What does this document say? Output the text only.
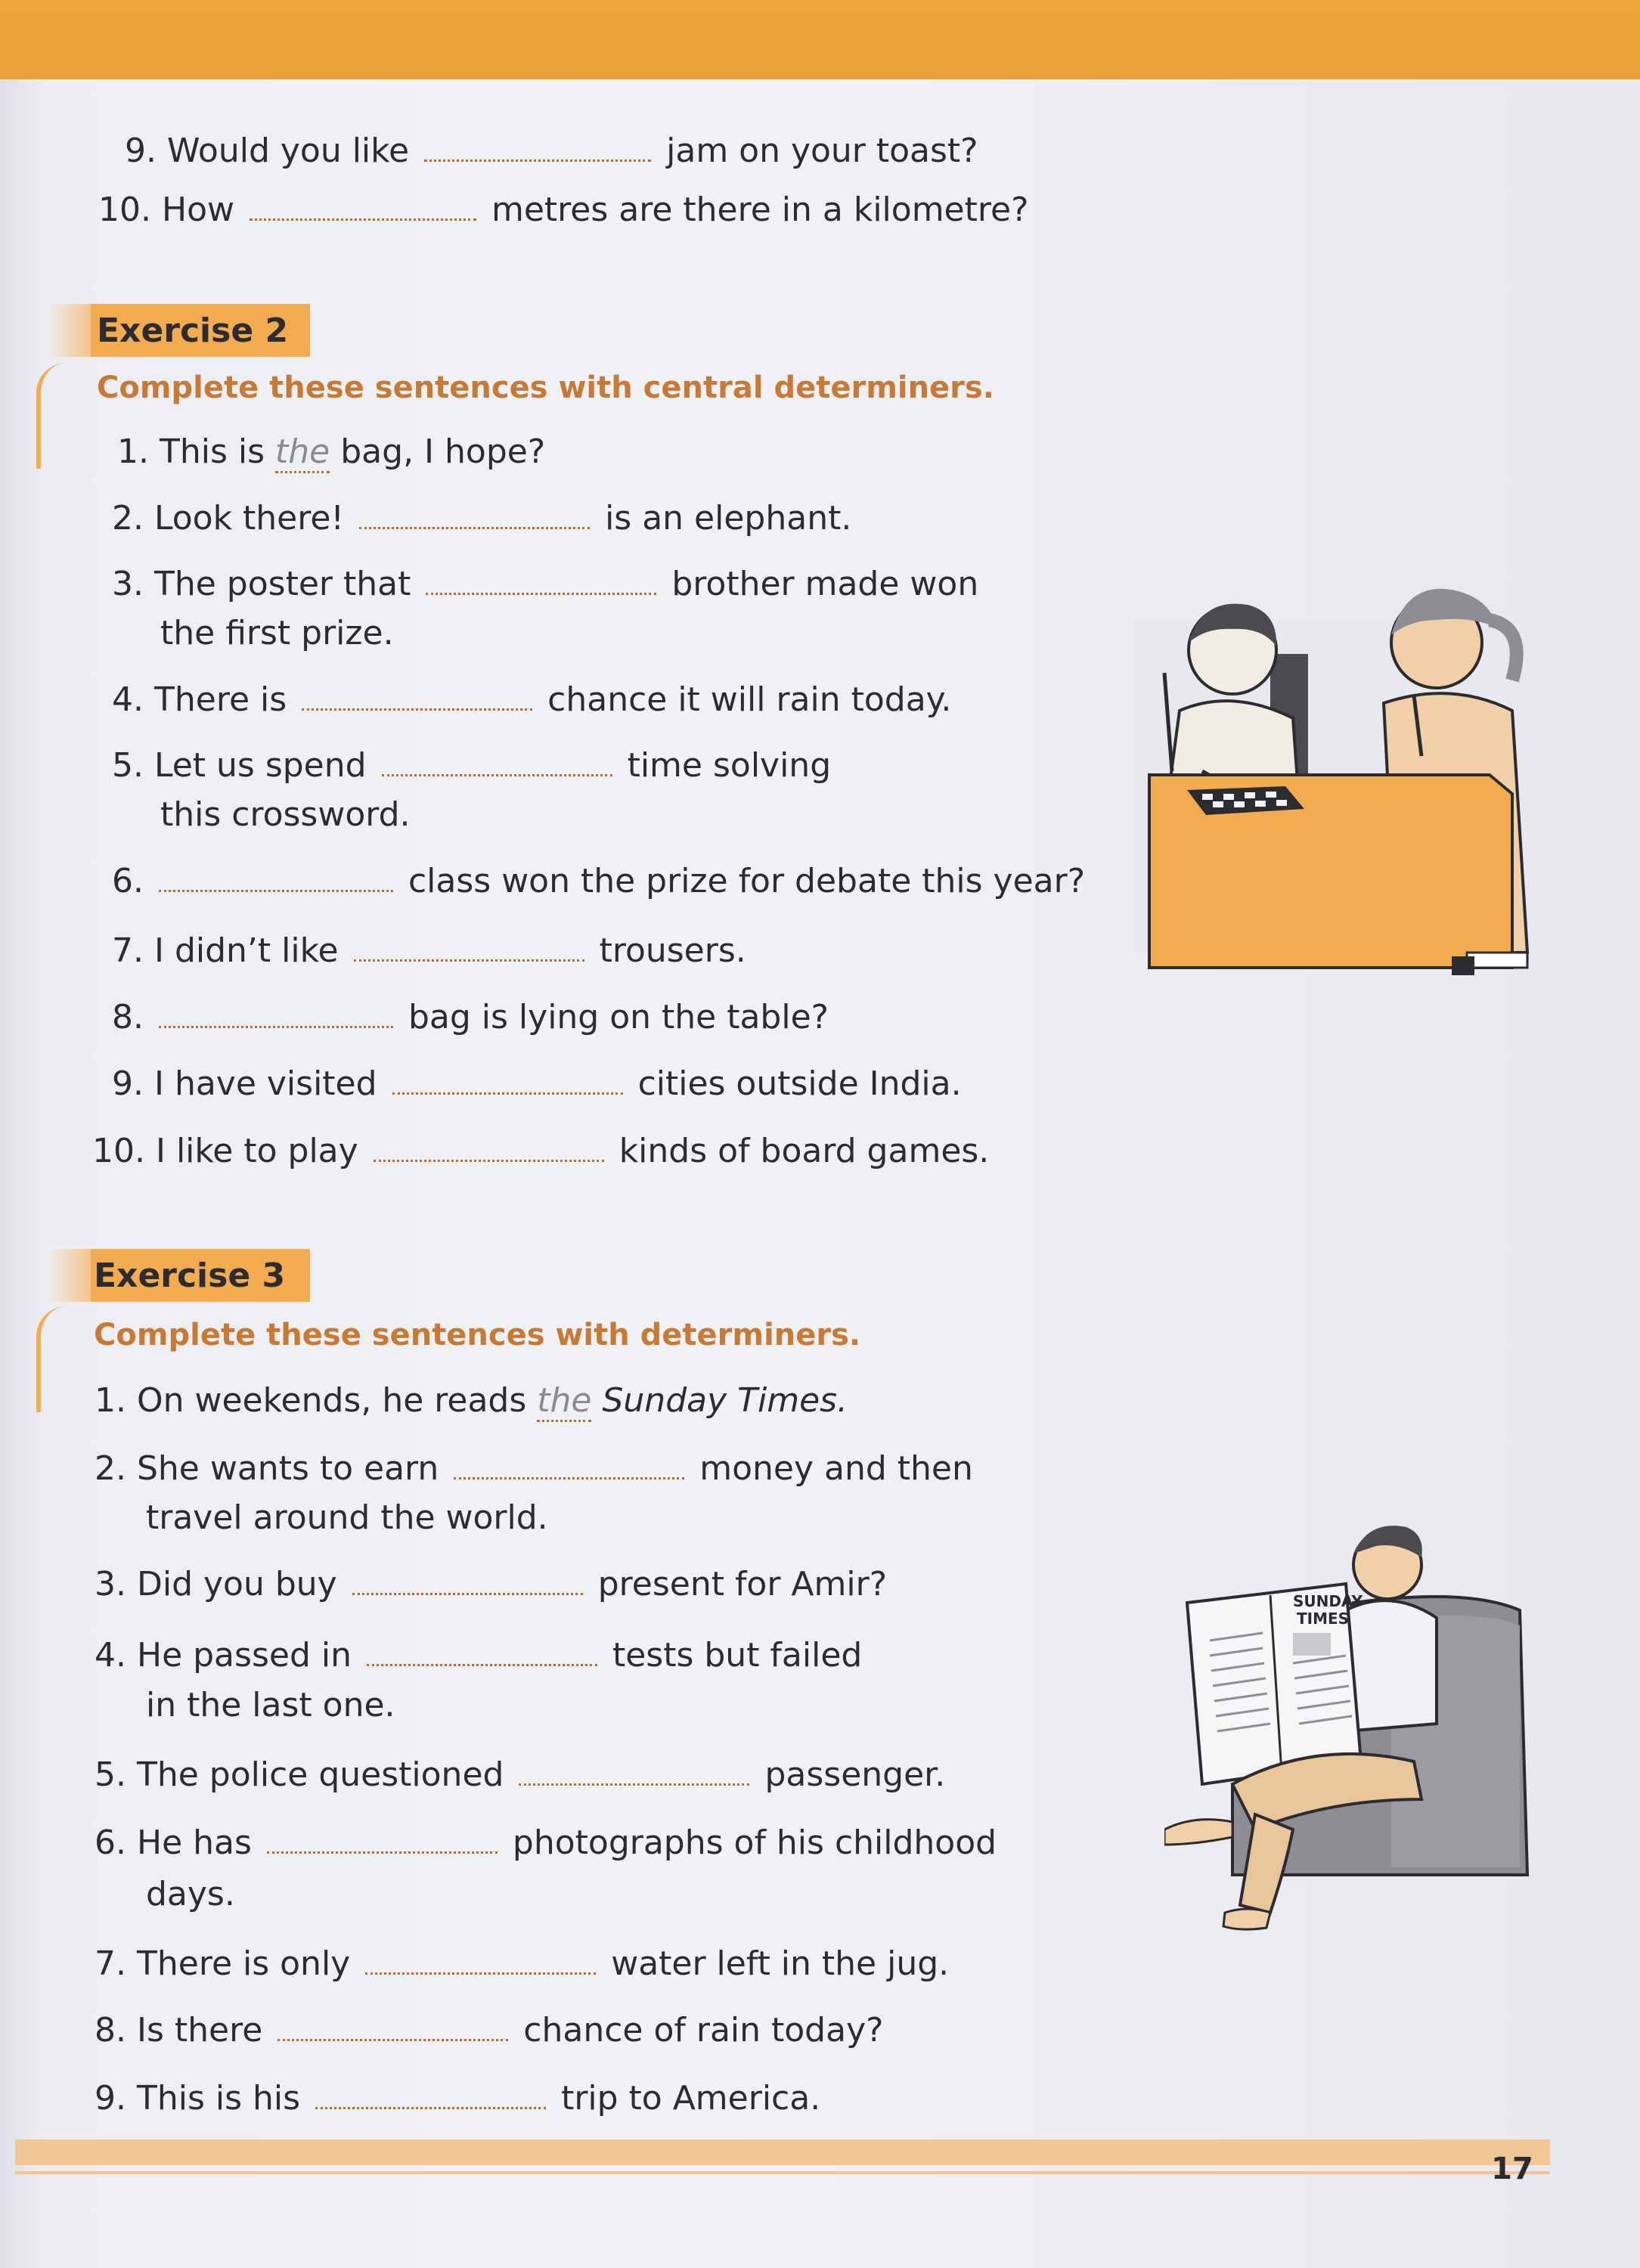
9. Would you like	jam on your toast?
10. How	metres are there in a kilometre?
Exercise 2
Complete these sentences with central determiners.
1. This is the bag, I hope?
2. Look there!	is an elephant.
3. The poster that	brother made won
the first prize.
4. There is	chance it will rain today.
5. Let us spend	time solving
this crossword.
6.	class won the prize for debate this year?
7. I didn’t like	trousers.
8.	bag is lying on the table?
9. I have visited	cities outside India.
10. I like to play	kinds of board games.
Exercise 3
Complete these sentences with determiners.
1. On weekends, he reads the Sunday Times.
2. She wants to earn	money and then
travel around the world.
3. Did you buy	present for Amir?
4. He passed in	tests but failed
in the last one.
5. The police questioned	passenger.
6. He has	photographs of his childhood
days.
7. There is only	water left in the jug.
8. Is there	chance of rain today?
9. This is his	trip to America.
SUNDAY
TIMES
17
